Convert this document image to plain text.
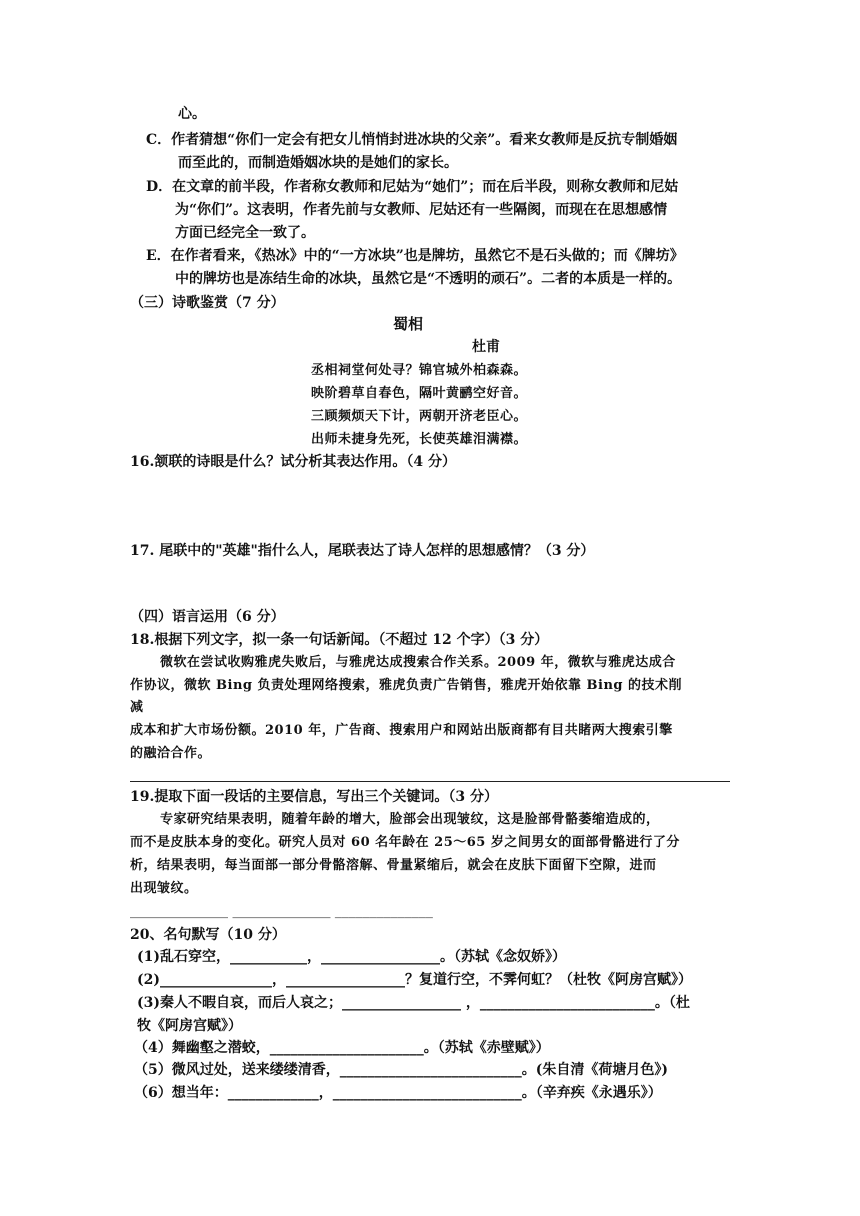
心。
C．作者猜想“你们一定会有把女儿悄悄封进冰块的父亲”。看来女教师是反抗专制婚姻
而至此的，而制造婚姻冰块的是她们的家长。
D．在文章的前半段，作者称女教师和尼姑为“她们”；而在后半段，则称女教师和尼姑
为“你们”。这表明，作者先前与女教师、尼姑还有一些隔阂，而现在在思想感情
方面已经完全一致了。
E．在作者看来，《热冰》中的“一方冰块”也是牌坊，虽然它不是石头做的；而《牌坊》
中的牌坊也是冻结生命的冰块，虽然它是“不透明的顽石”。二者的本质是一样的。
（三）诗歌鉴赏（7 分）
蜀相
杜甫
丞相祠堂何处寻？锦官城外柏森森。
映阶碧草自春色，隔叶黄鹂空好音。
三顾频烦天下计，两朝开济老臣心。
出师未捷身先死，长使英雄泪满襟。
16.颔联的诗眼是什么？试分析其表达作用。（4 分）
17. 尾联中的"英雄"指什么人，尾联表达了诗人怎样的思想感情？（3 分）
（四）语言运用（6 分）
18.根据下列文字，拟一条一句话新闻。（不超过 12 个字）（3 分）
微软在尝试收购雅虎失败后，与雅虎达成搜索合作关系。2009 年，微软与雅虎达成合
作协议，微软 Bing 负责处理网络搜索，雅虎负责广告销售，雅虎开始依靠 Bing 的技术削
减
成本和扩大市场份额。2010 年，广告商、搜索用户和网站出版商都有目共睹两大搜索引擎
的融洽合作。
19.提取下面一段话的主要信息，写出三个关键词。（3 分）
专家研究结果表明，随着年龄的增大，脸部会出现皱纹，这是脸部骨骼萎缩造成的，
而不是皮肤本身的变化。研究人员对 60 名年龄在 25～65 岁之间男女的面部骨骼进行了分
析，结果表明，每当面部一部分骨骼溶解、骨量紧缩后，就会在皮肤下面留下空隙，进而
出现皱纹。
______________ ______________ ______________
20、名句默写（10 分）
(1)乱石穿空，___________，_________________。（苏轼《念奴娇》）
(2)________________，_________________？复道行空，不霁何虹？（杜牧《阿房宫赋》）
(3)秦人不暇自哀，而后人哀之；_________________ ，_________________________。（杜
牧《阿房宫赋》）
（4）舞幽壑之潜蛟，______________________。（苏轼《赤壁赋》）
（5）微风过处，送来缕缕清香，__________________________。(朱自清《荷塘月色》)
（6）想当年：_____________，___________________________。（辛弃疾《永遇乐》）
